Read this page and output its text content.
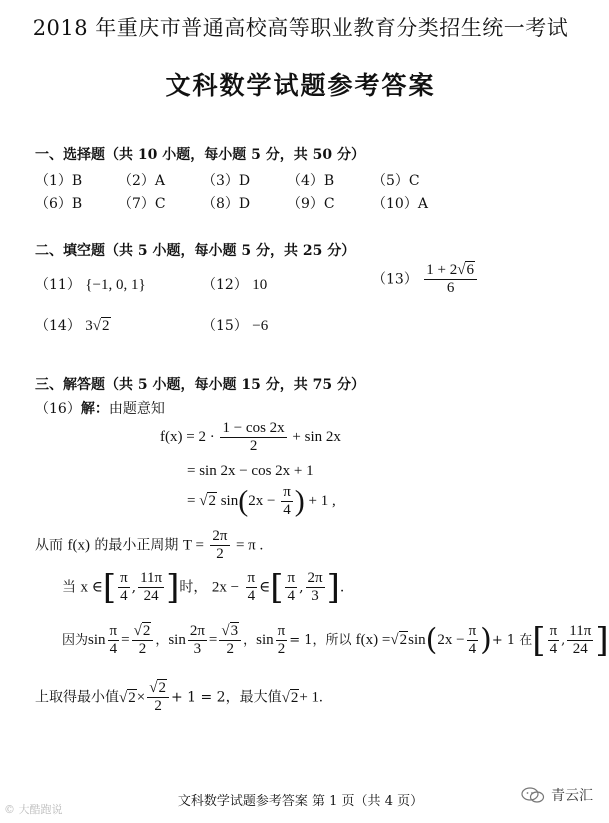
2018 年重庆市普通高校高等职业教育分类招生统一考试
文科数学试题参考答案
一、选择题（共 10 小题，每小题 5 分，共 50 分）
（1）B	（2）A	（3）D	（4）B	（5）C
（6）B	（7）C	（8）D	（9）C	（10）A
二、填空题（共 5 小题，每小题 5 分，共 25 分）
（11） {−1, 0, 1}	（12） 10	$(13) \frac{1 + 2√6}{6}$
（14） 3√2	（15） −6
三、解答题（共 5 小题，每小题 15 分，共 75 分）
（16）解：由题意知
$f(x) = 2 \cdot \frac{1 - \cos 2x}{2} + \sin 2x$
= sin 2x − cos 2x + 1
= √2 $\sin(2x - \frac{\pi}{4}$ ) + 1 ,
从而 f(x) 的最小正周期 $T = \frac{2\pi}{2} = \pi$ .
当 x ∈[ $\frac{\pi}{4}$ , $\frac{11\pi}{24}$ ]时， $2x - \frac{\pi}{4}$ ∈[ $\frac{\pi}{4}$ , $\frac{2\pi}{3}$ ].
因为$\sin \frac{\pi}{4} = \frac{√2}{2}$ ，$\sin \frac{2\pi}{3} = \frac{√3}{2}$ ，$\sin \frac{\pi}{2} = 1$，所以 $f(x) =√2\sin(2x - \frac{\pi}{4}$ )+ 1 在[ $\frac{\pi}{4}$ , $\frac{11\pi}{24}$ ]
上取得最小值$√2\times \frac{√2}{2} + 1 = 2$，最大值√2+ 1.
文科数学试题参考答案 第 1 页（共 4 页）
© 大酷跑说
青云汇
